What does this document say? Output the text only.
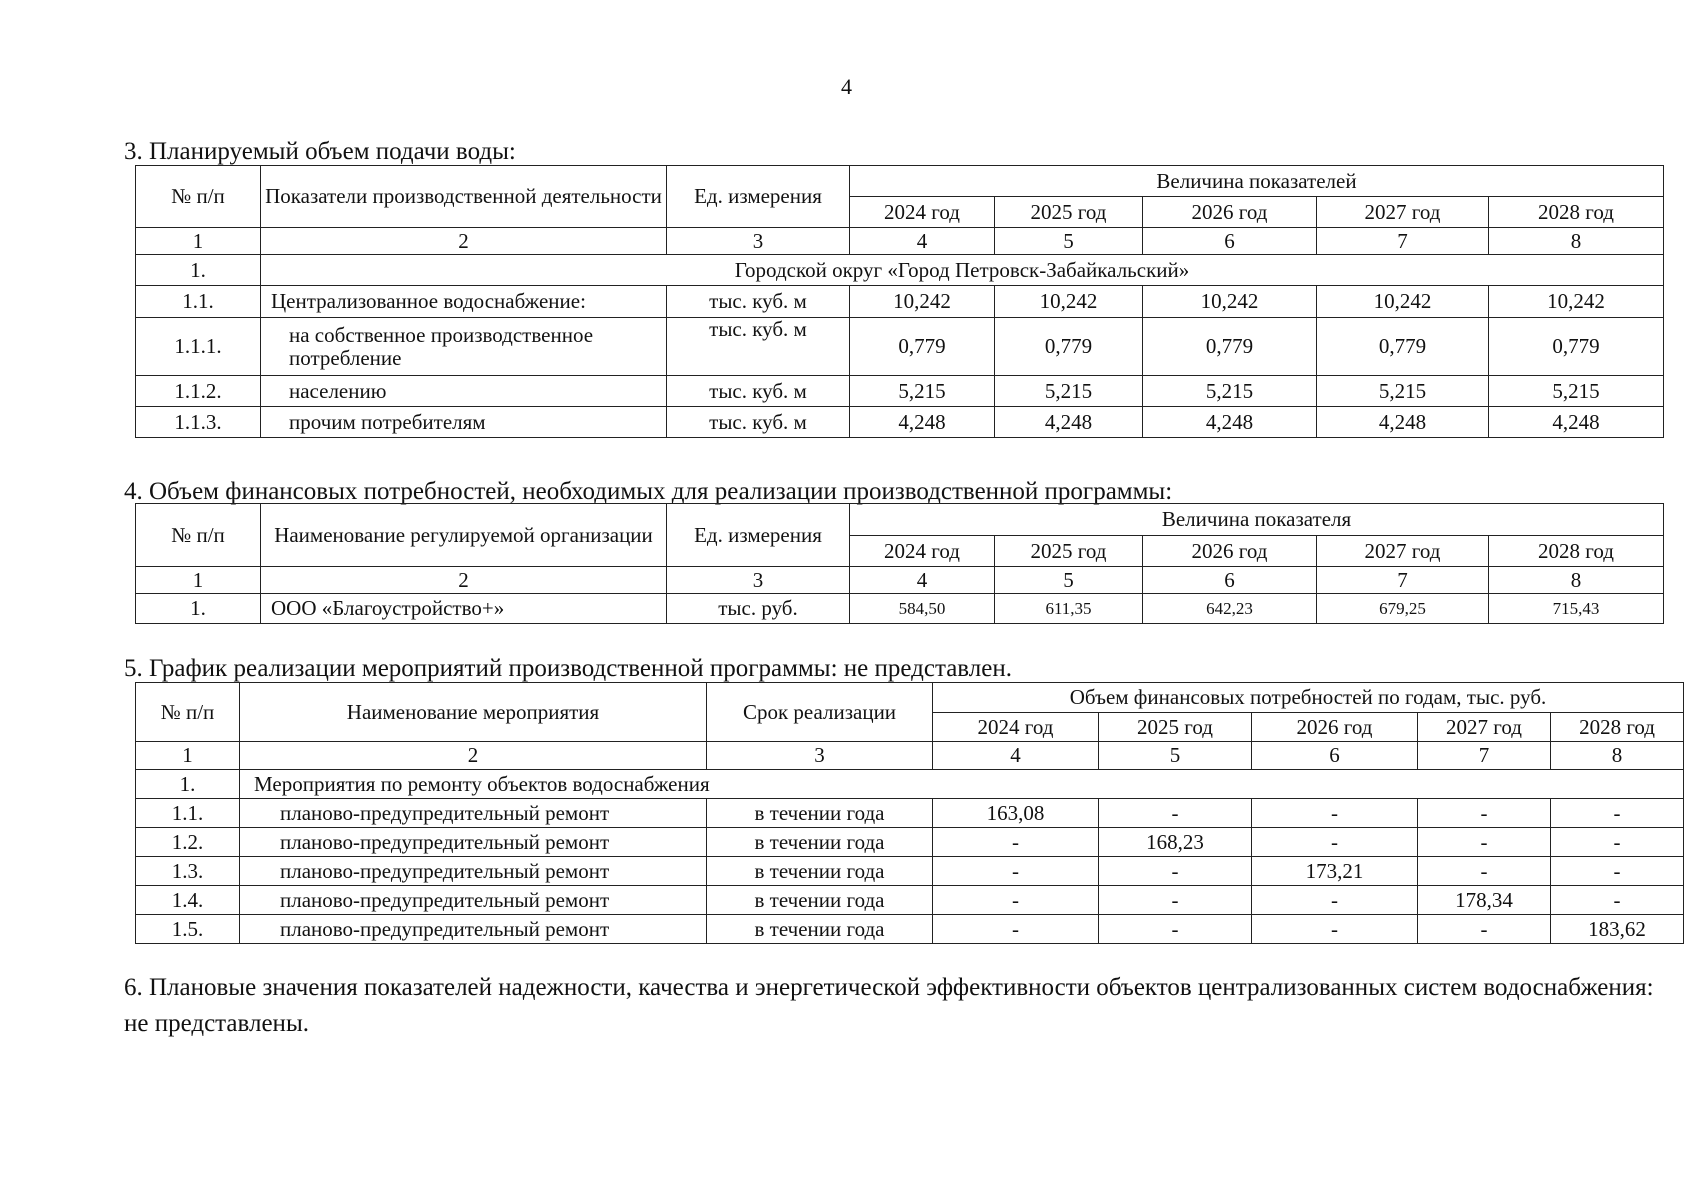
4
3. Планируемый объем подачи воды:
№ п/п	Показатели производственной деятельности	Ед. измерения	Величина показателей				
			2024 год	2025 год	2026 год	2027 год	2028 год
1	2	3	4	5	6	7	8
1.	Городской округ «Город Петровск-Забайкальский»						
1.1.	Централизованное водоснабжение:	тыс. куб. м	10,242	10,242	10,242	10,242	10,242
1.1.1.	на собственное производственное потребление	тыс. куб. м	0,779	0,779	0,779	0,779	0,779
1.1.2.	населению	тыс. куб. м	5,215	5,215	5,215	5,215	5,215
1.1.3.	прочим потребителям	тыс. куб. м	4,248	4,248	4,248	4,248	4,248
4. Объем финансовых потребностей, необходимых для реализации производственной программы:
№ п/п	Наименование регулируемой организации	Ед. измерения	Величина показателя				
			2024 год	2025 год	2026 год	2027 год	2028 год
1	2	3	4	5	6	7	8
1.	ООО «Благоустройство+»	тыс. руб.	584,50	611,35	642,23	679,25	715,43
5. График реализации мероприятий производственной программы: не представлен.
№ п/п	Наименование мероприятия	Срок реализации	Объем финансовых потребностей по годам, тыс. руб.				
			2024 год	2025 год	2026 год	2027 год	2028 год
1	2	3	4	5	6	7	8
1.	Мероприятия по ремонту объектов водоснабжения						
1.1.	планово-предупредительный ремонт	в течении года	163,08	-	-	-	-
1.2.	планово-предупредительный ремонт	в течении года	-	168,23	-	-	-
1.3.	планово-предупредительный ремонт	в течении года	-	-	173,21	-	-
1.4.	планово-предупредительный ремонт	в течении года	-	-	-	178,34	-
1.5.	планово-предупредительный ремонт	в течении года	-	-	-	-	183,62
6. Плановые значения показателей надежности, качества и энергетической эффективности объектов централизованных систем водоснабжения: не представлены.
